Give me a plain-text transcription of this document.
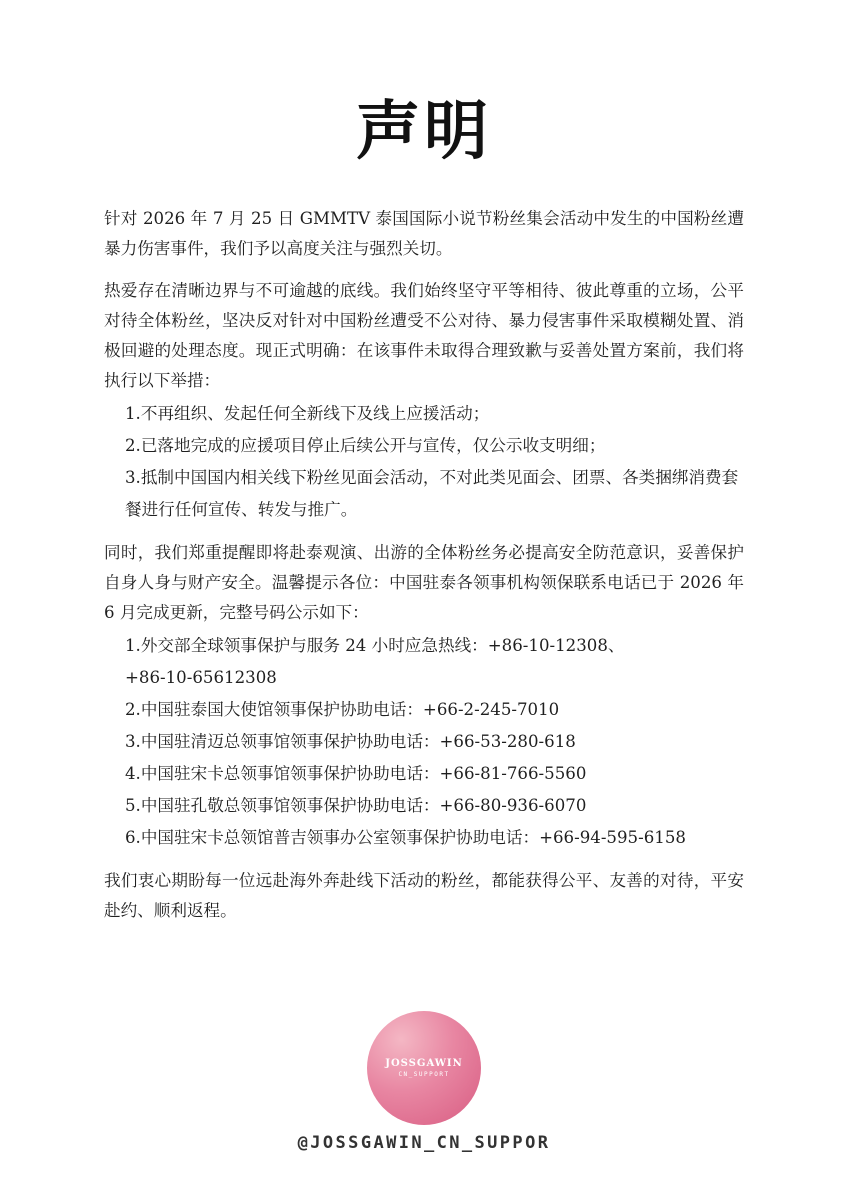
声明

针对 2026 年 7 月 25 日 GMMTV 泰国国际小说节粉丝集会活动中发生的中国粉丝遭暴力伤害事件，我们予以高度关注与强烈关切。

热爱存在清晰边界与不可逾越的底线。我们始终坚守平等相待、彼此尊重的立场，公平对待全体粉丝，坚决反对针对中国粉丝遭受不公对待、暴力侵害事件采取模糊处置、消极回避的处理态度。现正式明确：在该事件未取得合理致歉与妥善处置方案前，我们将执行以下举措：

1.不再组织、发起任何全新线下及线上应援活动；
2.已落地完成的应援项目停止后续公开与宣传，仅公示收支明细；
3.抵制中国国内相关线下粉丝见面会活动，不对此类见面会、团票、各类捆绑消费套餐进行任何宣传、转发与推广。

同时，我们郑重提醒即将赴泰观演、出游的全体粉丝务必提高安全防范意识，妥善保护自身人身与财产安全。温馨提示各位：中国驻泰各领事机构领保联系电话已于 2026 年 6 月完成更新，完整号码公示如下：

1.外交部全球领事保护与服务 24 小时应急热线：+86-10-12308、
+86-10-65612308
2.中国驻泰国大使馆领事保护协助电话：+66-2-245-7010
3.中国驻清迈总领事馆领事保护协助电话：+66-53-280-618
4.中国驻宋卡总领事馆领事保护协助电话：+66-81-766-5560
5.中国驻孔敬总领事馆领事保护协助电话：+66-80-936-6070
6.中国驻宋卡总领馆普吉领事办公室领事保护协助电话：+66-94-595-6158

我们衷心期盼每一位远赴海外奔赴线下活动的粉丝，都能获得公平、友善的对待，平安赴约、顺利返程。

JOSSGAWIN
CN_SUPPORT
@JOSSGAWIN_CN_SUPPOR
